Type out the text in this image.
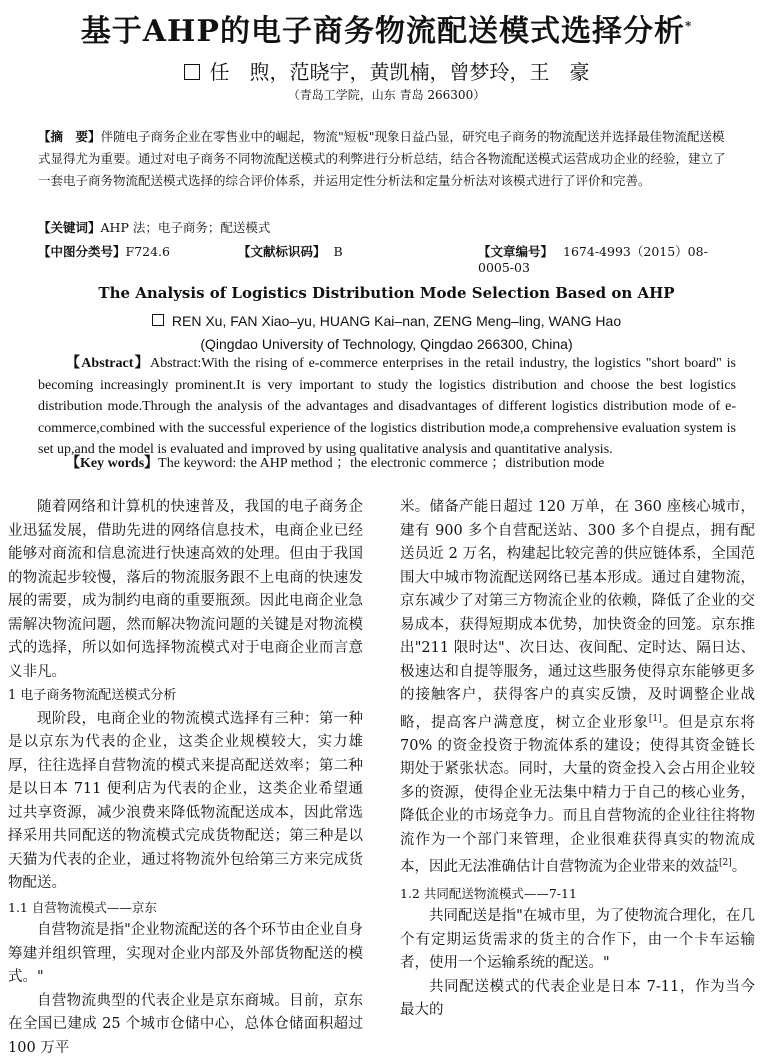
基于AHP的电子商务物流配送模式选择分析*
任　煦，范晓宇，黄凯楠，曾梦玲，王　豪
（青岛工学院，山东 青岛 266300）
【摘　要】伴随电子商务企业在零售业中的崛起，物流"短板"现象日益凸显，研究电子商务的物流配送并选择最佳物流配送模式显得尤为重要。通过对电子商务不同物流配送模式的利弊进行分析总结，结合各物流配送模式运营成功企业的经验，建立了一套电子商务物流配送模式选择的综合评价体系，并运用定性分析法和定量分析法对该模式进行了评价和完善。
【关键词】AHP 法；电子商务；配送模式
【中图分类号】F724.6	【文献标识码】 B	【文章编号】 1674-4993（2015）08-0005-03
The Analysis of Logistics Distribution Mode Selection Based on AHP
REN Xu, FAN Xiao–yu, HUANG Kai–nan, ZENG Meng–ling, WANG Hao
(Qingdao University of Technology, Qingdao 266300, China)
【Abstract】Abstract:With the rising of e-commerce enterprises in the retail industry, the logistics "short board" is becoming increasingly prominent.It is very important to study the logistics distribution and choose the best logistics distribution mode.Through the analysis of the advantages and disadvantages of different logistics distribution mode of e-commerce,combined with the successful experience of the logistics distribution mode,a comprehensive evaluation system is set up,and the model is evaluated and improved by using qualitative analysis and quantitative analysis.
【Key words】The keyword: the AHP method ；the electronic commerce ；distribution mode

随着网络和计算机的快速普及，我国的电子商务企业迅猛发展，借助先进的网络信息技术，电商企业已经能够对商流和信息流进行快速高效的处理。但由于我国的物流起步较慢，落后的物流服务跟不上电商的快速发展的需要，成为制约电商的重要瓶颈。因此电商企业急需解决物流问题，然而解决物流问题的关键是对物流模式的选择，所以如何选择物流模式对于电商企业而言意义非凡。

1 电子商务物流配送模式分析

现阶段，电商企业的物流模式选择有三种：第一种是以京东为代表的企业，这类企业规模较大，实力雄厚，往往选择自营物流的模式来提高配送效率；第二种是以日本 711 便利店为代表的企业，这类企业希望通过共享资源，减少浪费来降低物流配送成本，因此常选择采用共同配送的物流模式完成货物配送；第三种是以天猫为代表的企业，通过将物流外包给第三方来完成货物配送。

1.1 自营物流模式——京东

自营物流是指"企业物流配送的各个环节由企业自身筹建并组织管理，实现对企业内部及外部货物配送的模式。"

自营物流典型的代表企业是京东商城。目前，京东在全国已建成 25 个城市仓储中心，总体仓储面积超过 100 万平

米。储备产能日超过 120 万单，在 360 座核心城市，建有 900 多个自营配送站、300 多个自提点，拥有配送员近 2 万名，构建起比较完善的供应链体系，全国范围大中城市物流配送网络已基本形成。通过自建物流，京东减少了对第三方物流企业的依赖，降低了企业的交易成本，获得短期成本优势，加快资金的回笼。京东推出"211 限时达"、次日达、夜间配、定时达、隔日达、极速达和自提等服务，通过这些服务使得京东能够更多的接触客户，获得客户的真实反馈，及时调整企业战略，提高客户满意度，树立企业形象[1]。但是京东将 70% 的资金投资于物流体系的建设；使得其资金链长期处于紧张状态。同时，大量的资金投入会占用企业较多的资源，使得企业无法集中精力于自己的核心业务，降低企业的市场竞争力。而且自营物流的企业往往将物流作为一个部门来管理，企业很难获得真实的物流成本，因此无法准确估计自营物流为企业带来的效益[2]。

1.2 共同配送物流模式——7-11

共同配送是指"在城市里，为了使物流合理化，在几个有定期运货需求的货主的合作下，由一个卡车运输者，使用一个运输系统的配送。"

共同配送模式的代表企业是日本 7-11，作为当今最大的
